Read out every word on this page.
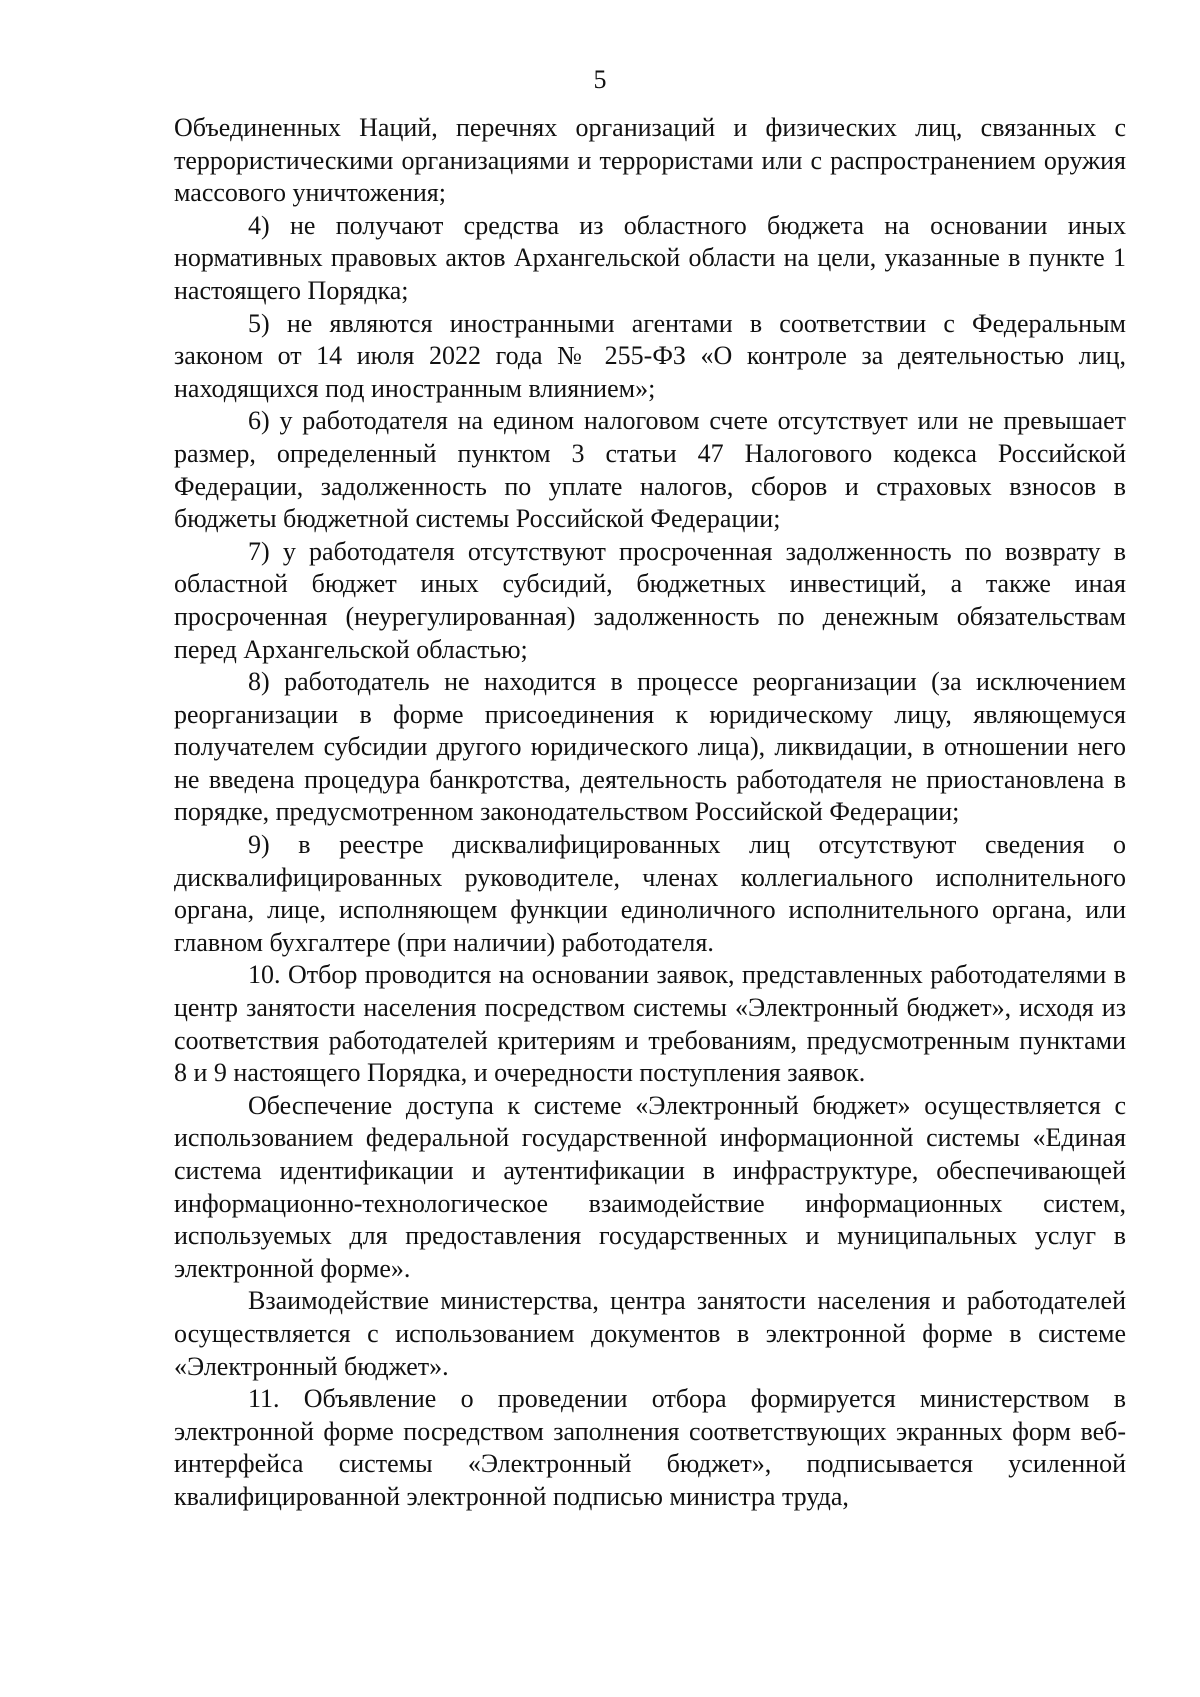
5

Объединенных Наций, перечнях организаций и физических лиц, связанных с террористическими организациями и террористами или с распространением оружия массового уничтожения;

4) не получают средства из областного бюджета на основании иных нормативных правовых актов Архангельской области на цели, указанные в пункте 1 настоящего Порядка;

5) не являются иностранными агентами в соответствии с Федеральным законом от 14 июля 2022 года № 255-ФЗ «О контроле за деятельностью лиц, находящихся под иностранным влиянием»;

6) у работодателя на едином налоговом счете отсутствует или не превышает размер, определенный пунктом 3 статьи 47 Налогового кодекса Российской Федерации, задолженность по уплате налогов, сборов и страховых взносов в бюджеты бюджетной системы Российской Федерации;

7) у работодателя отсутствуют просроченная задолженность по возврату в областной бюджет иных субсидий, бюджетных инвестиций, а также иная просроченная (неурегулированная) задолженность по денежным обязательствам перед Архангельской областью;

8) работодатель не находится в процессе реорганизации (за исключением реорганизации в форме присоединения к юридическому лицу, являющемуся получателем субсидии другого юридического лица), ликвидации, в отношении него не введена процедура банкротства, деятельность работодателя не приостановлена в порядке, предусмотренном законодательством Российской Федерации;

9) в реестре дисквалифицированных лиц отсутствуют сведения о дисквалифицированных руководителе, членах коллегиального исполнительного органа, лице, исполняющем функции единоличного исполнительного органа, или главном бухгалтере (при наличии) работодателя.

10. Отбор проводится на основании заявок, представленных работодателями в центр занятости населения посредством системы «Электронный бюджет», исходя из соответствия работодателей критериям и требованиям, предусмотренным пунктами 8 и 9 настоящего Порядка, и очередности поступления заявок.

Обеспечение доступа к системе «Электронный бюджет» осуществляется с использованием федеральной государственной информационной системы «Единая система идентификации и аутентификации в инфраструктуре, обеспечивающей информационно-технологическое взаимодействие информационных систем, используемых для предоставления государственных и муниципальных услуг в электронной форме».

Взаимодействие министерства, центра занятости населения и работодателей осуществляется с использованием документов в электронной форме в системе «Электронный бюджет».

11. Объявление о проведении отбора формируется министерством в электронной форме посредством заполнения соответствующих экранных форм веб-интерфейса системы «Электронный бюджет», подписывается усиленной квалифицированной электронной подписью министра труда,
